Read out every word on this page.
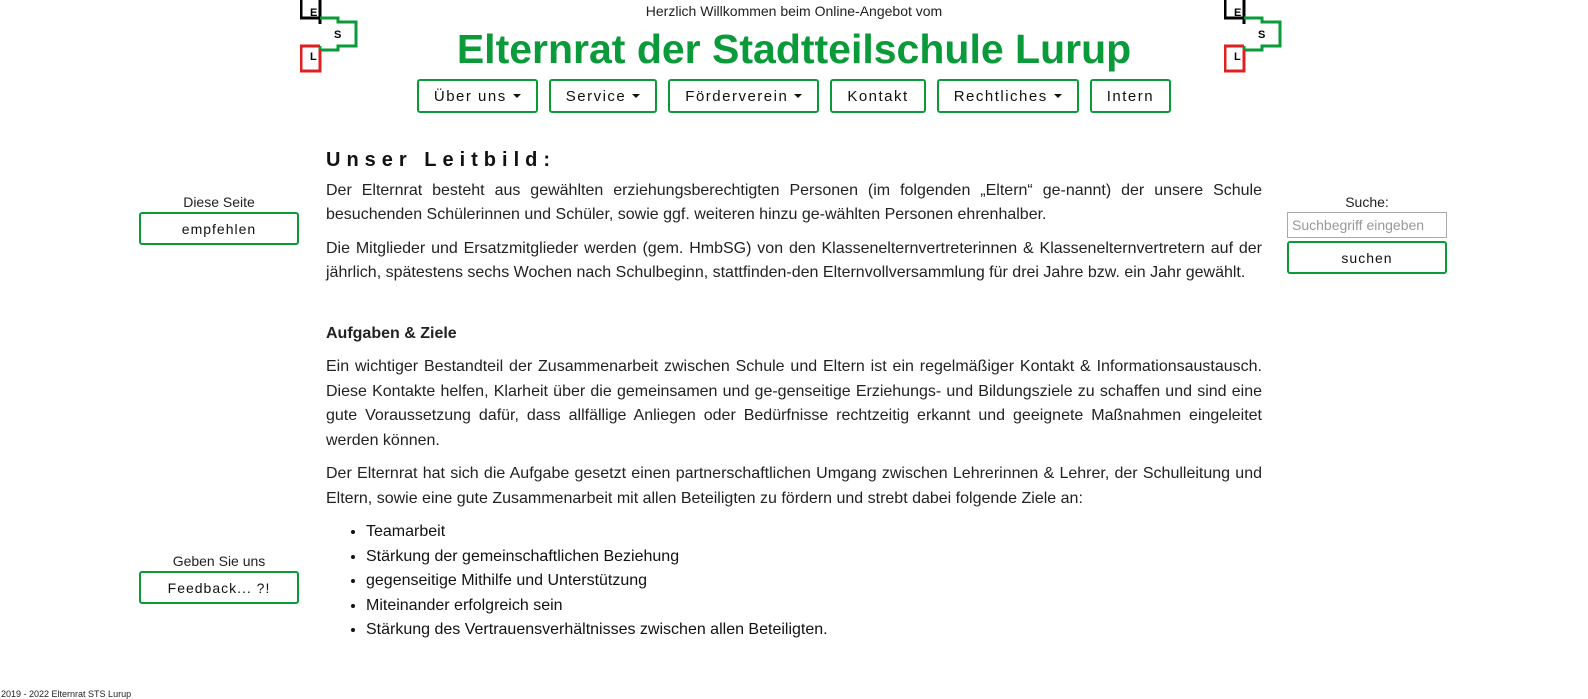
E
S
L
E
S
L
Herzlich Willkommen beim Online-Angebot vom
Elternrat der Stadtteilschule Lurup
Über uns	Service	Förderverein	Kontakt	Rechtliches	Intern
Diese Seite
empfehlen
Geben Sie uns
Feedback... ?!
Suche:
Suchbegriff eingeben
suchen
Unser Leitbild:

Der Elternrat besteht aus gewählten erziehungsberechtigten Personen (im folgenden „Eltern“ ge-nannt) der unsere Schule besuchenden Schülerinnen und Schüler, sowie ggf. weiteren hinzu ge-wählten Personen ehrenhalber.

Die Mitglieder und Ersatzmitglieder werden (gem. HmbSG) von den Klassenelternvertreterinnen & Klassenelternvertretern auf der jährlich, spätestens sechs Wochen nach Schulbeginn, stattfinden-den Elternvollversammlung für drei Jahre bzw. ein Jahr gewählt.

Aufgaben & Ziele

Ein wichtiger Bestandteil der Zusammenarbeit zwischen Schule und Eltern ist ein regelmäßiger Kontakt & Informationsaustausch. Diese Kontakte helfen, Klarheit über die gemeinsamen und ge-genseitige Erziehungs- und Bildungsziele zu schaffen und sind eine gute Voraussetzung dafür, dass allfällige Anliegen oder Bedürfnisse rechtzeitig erkannt und geeignete Maßnahmen eingeleitet werden können.

Der Elternrat hat sich die Aufgabe gesetzt einen partnerschaftlichen Umgang zwischen Lehrerinnen & Lehrer, der Schulleitung und Eltern, sowie eine gute Zusammenarbeit mit allen Beteiligten zu fördern und strebt dabei folgende Ziele an:

• Teamarbeit
• Stärkung der gemeinschaftlichen Beziehung
• gegenseitige Mithilfe und Unterstützung
• Miteinander erfolgreich sein
• Stärkung des Vertrauensverhältnisses zwischen allen Beteiligten.
2019 - 2022 Elternrat STS Lurup
